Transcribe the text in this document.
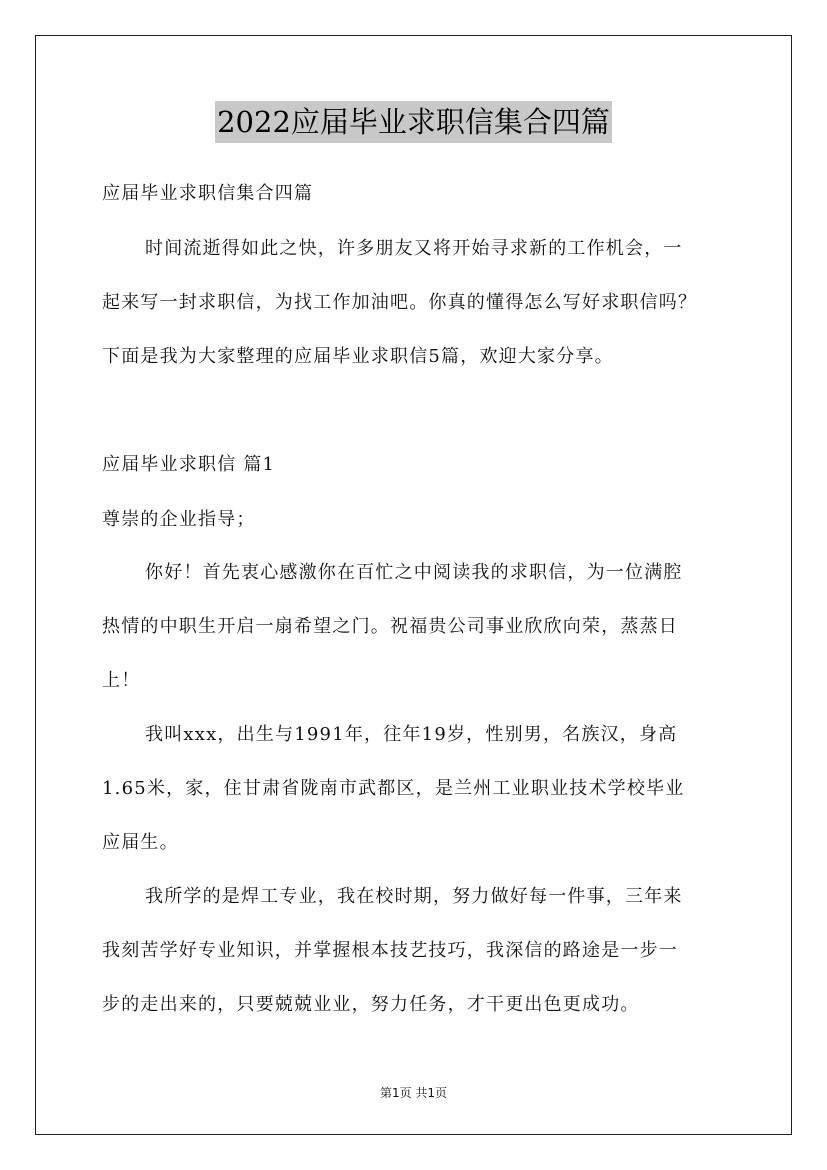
2022应届毕业求职信集合四篇
应届毕业求职信集合四篇
时间流逝得如此之快，许多朋友又将开始寻求新的工作机会，一
起来写一封求职信，为找工作加油吧。你真的懂得怎么写好求职信吗？
下面是我为大家整理的应届毕业求职信5篇，欢迎大家分享。
应届毕业求职信 篇1
尊崇的企业指导；
你好！首先衷心感激你在百忙之中阅读我的求职信，为一位满腔
热情的中职生开启一扇希望之门。祝福贵公司事业欣欣向荣，蒸蒸日
上！
我叫xxx，出生与1991年，往年19岁，性别男，名族汉，身高
1.65米，家，住甘肃省陇南市武都区，是兰州工业职业技术学校毕业
应届生。
我所学的是焊工专业，我在校时期，努力做好每一件事，三年来
我刻苦学好专业知识，并掌握根本技艺技巧，我深信的路途是一步一
步的走出来的，只要兢兢业业，努力任务，才干更出色更成功。
第1页 共1页
